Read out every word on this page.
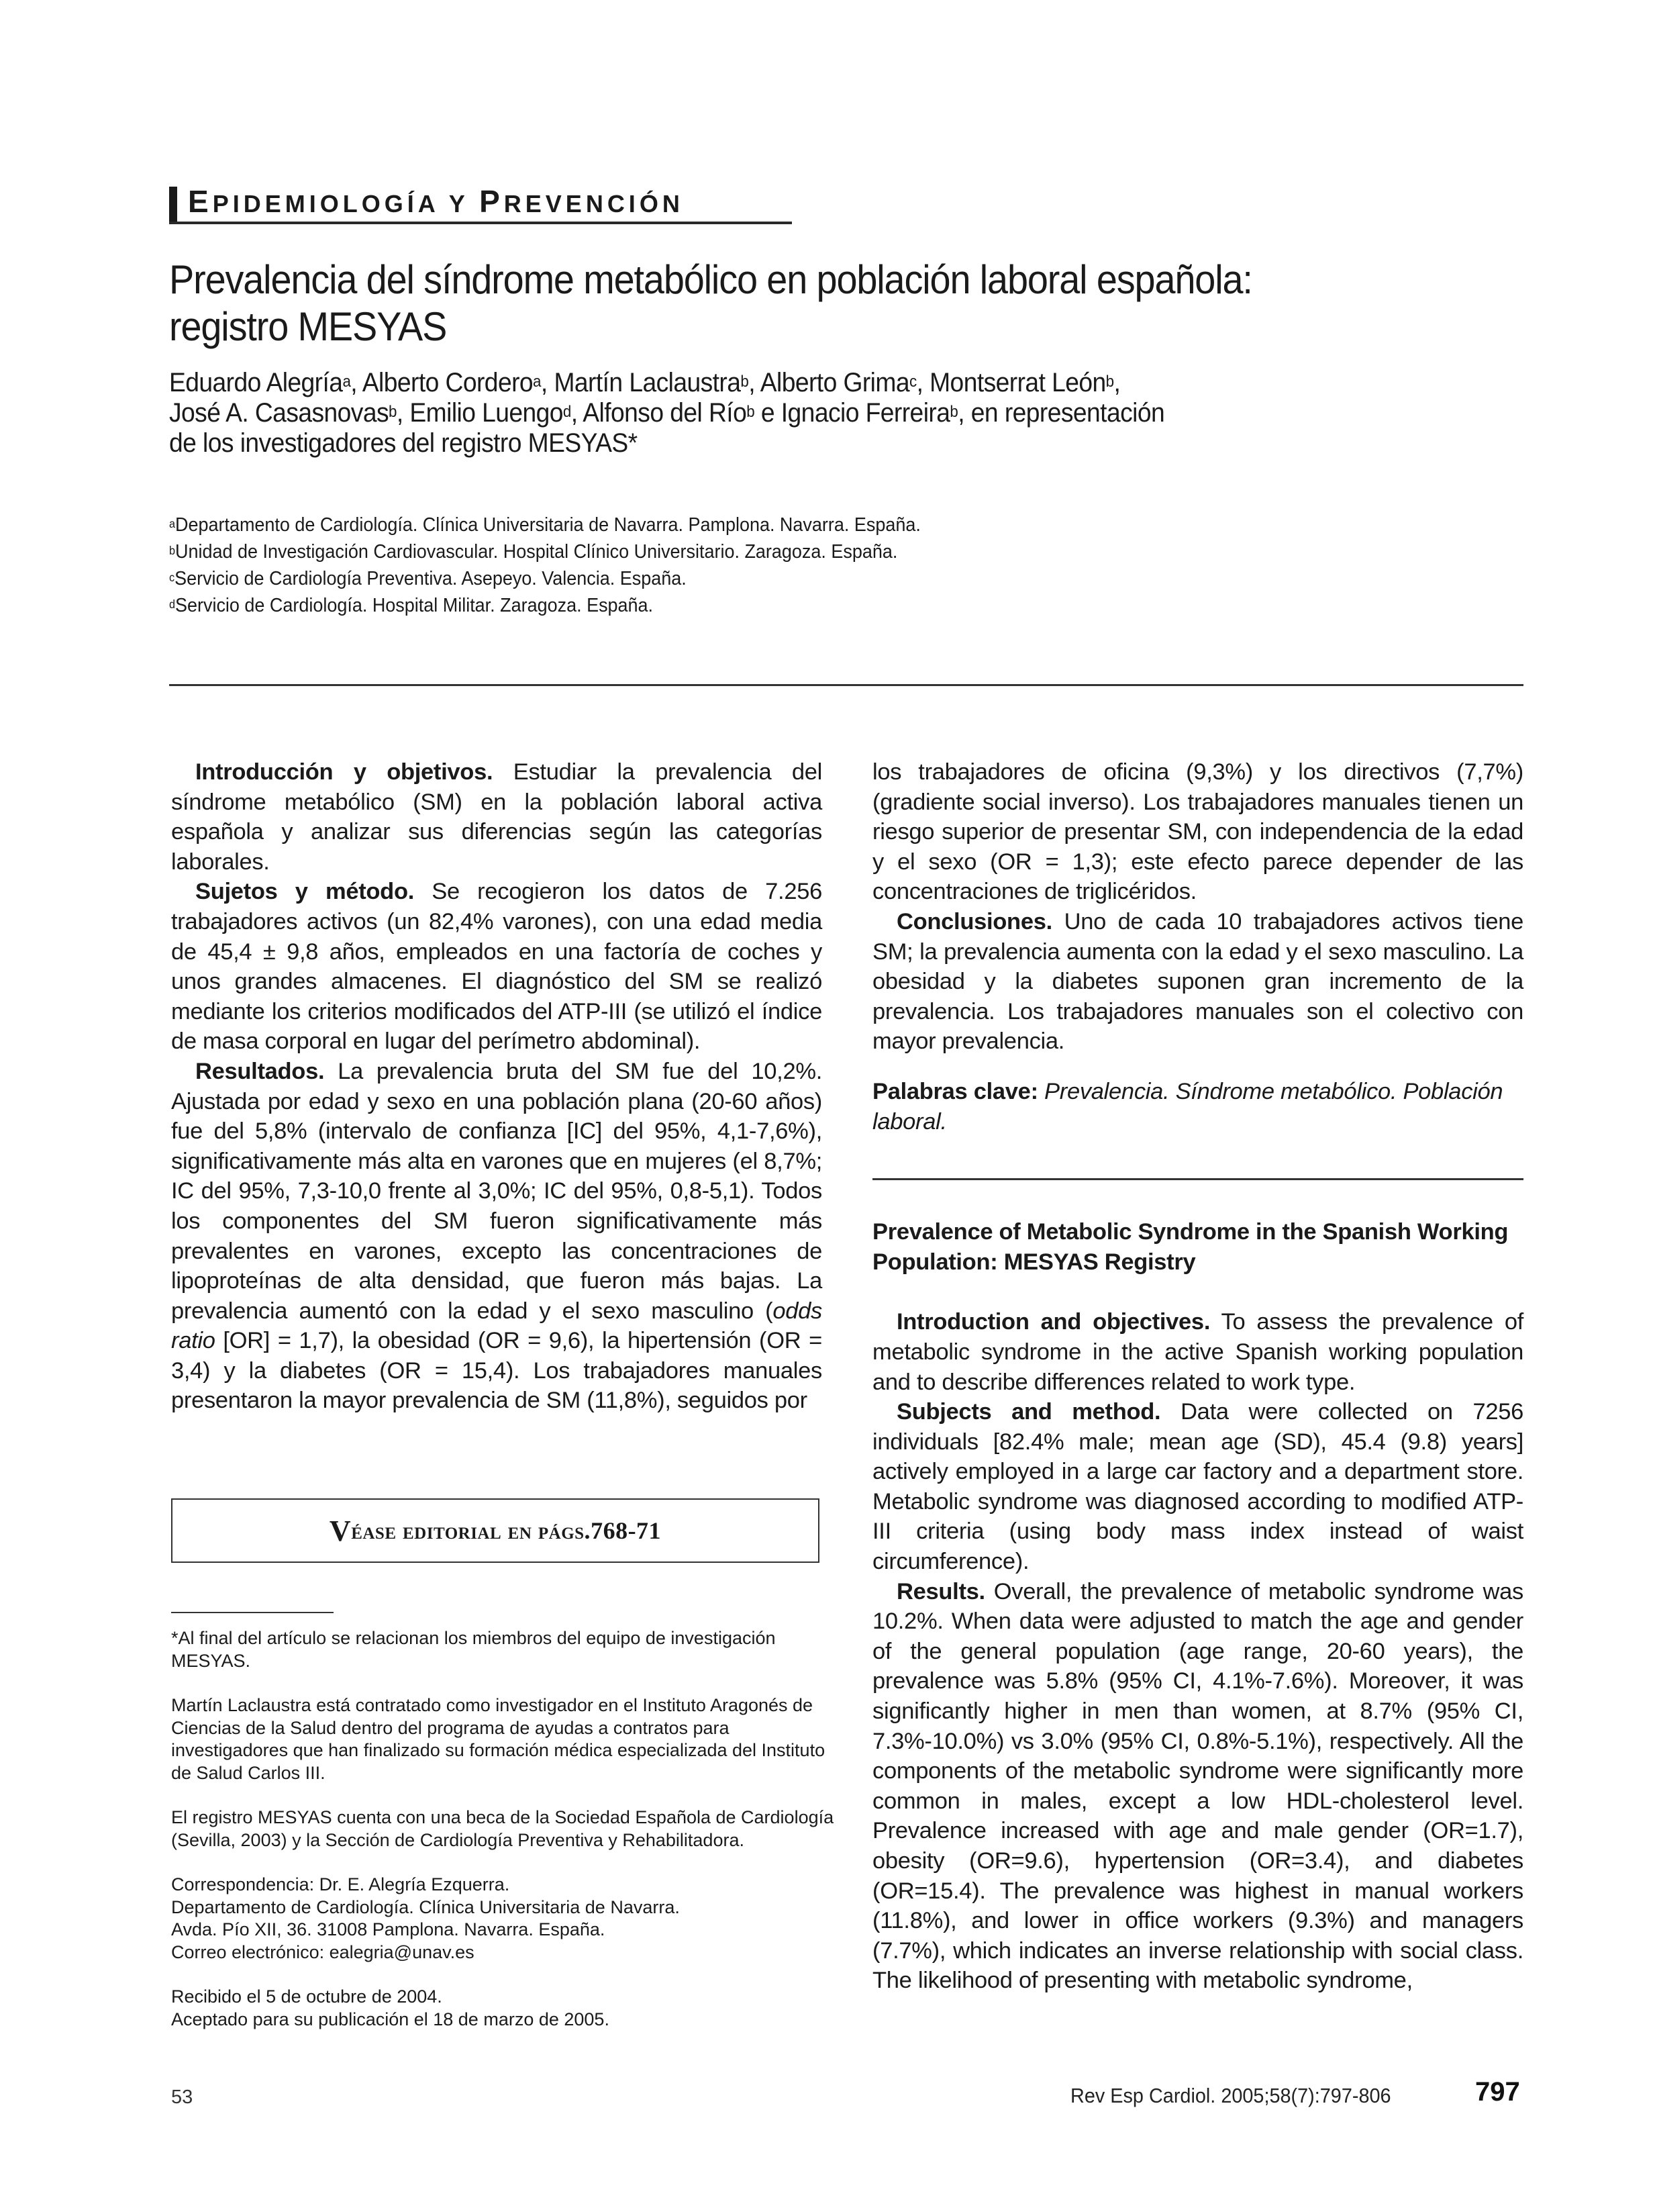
EPIDEMIOLOGÍA Y PREVENCIÓN
Prevalencia del síndrome metabólico en población laboral española: registro MESYAS
Eduardo Alegría$^a$, Alberto Cordero$^a$, Martín Laclaustra$^b$, Alberto Grima$^c$, Montserrat León$^b$,
José A. Casasnovas$^b$, Emilio Luengo$^d$, Alfonso del Río$^b$ e Ignacio Ferreira$^b$, en representación
de los investigadores del registro MESYAS*
$^a$Departamento de Cardiología. Clínica Universitaria de Navarra. Pamplona. Navarra. España.
$^b$Unidad de Investigación Cardiovascular. Hospital Clínico Universitario. Zaragoza. España.
$^c$Servicio de Cardiología Preventiva. Asepeyo. Valencia. España.
$^d$Servicio de Cardiología. Hospital Militar. Zaragoza. España.

Introducción y objetivos. Estudiar la prevalencia del síndrome metabólico (SM) en la población laboral activa española y analizar sus diferencias según las categorías laborales.

Sujetos y método. Se recogieron los datos de 7.256 trabajadores activos (un 82,4% varones), con una edad media de 45,4 ± 9,8 años, empleados en una factoría de coches y unos grandes almacenes. El diagnóstico del SM se realizó mediante los criterios modificados del ATP-III (se utilizó el índice de masa corporal en lugar del perímetro abdominal).

Resultados. La prevalencia bruta del SM fue del 10,2%. Ajustada por edad y sexo en una población plana (20-60 años) fue del 5,8% (intervalo de confianza [IC] del 95%, 4,1-7,6%), significativamente más alta en varones que en mujeres (el 8,7%; IC del 95%, 7,3-10,0 frente al 3,0%; IC del 95%, 0,8-5,1). Todos los componentes del SM fueron significativamente más prevalentes en varones, excepto las concentraciones de lipoproteínas de alta densidad, que fueron más bajas. La prevalencia aumentó con la edad y el sexo masculino (odds ratio [OR] = 1,7), la obesidad (OR = 9,6), la hipertensión (OR = 3,4) y la diabetes (OR = 15,4). Los trabajadores manuales presentaron la mayor prevalencia de SM (11,8%), seguidos por

V éase editorial en págs. 768-71
*Al final del artículo se relacionan los miembros del equipo de investigación MESYAS.
Martín Laclaustra está contratado como investigador en el Instituto Aragonés de Ciencias de la Salud dentro del programa de ayudas a contratos para investigadores que han finalizado su formación médica especializada del Instituto de Salud Carlos III.
El registro MESYAS cuenta con una beca de la Sociedad Española de Cardiología (Sevilla, 2003) y la Sección de Cardiología Preventiva y Rehabilitadora.
Correspondencia: Dr. E. Alegría Ezquerra.
Departamento de Cardiología. Clínica Universitaria de Navarra.
Avda. Pío XII, 36. 31008 Pamplona. Navarra. España.
Correo electrónico: ealegria@unav.es
Recibido el 5 de octubre de 2004.
Aceptado para su publicación el 18 de marzo de 2005.

los trabajadores de oficina (9,3%) y los directivos (7,7%) (gradiente social inverso). Los trabajadores manuales tienen un riesgo superior de presentar SM, con independencia de la edad y el sexo (OR = 1,3); este efecto parece depender de las concentraciones de triglicéridos.

Conclusiones. Uno de cada 10 trabajadores activos tiene SM; la prevalencia aumenta con la edad y el sexo masculino. La obesidad y la diabetes suponen gran incremento de la prevalencia. Los trabajadores manuales son el colectivo con mayor prevalencia.

Palabras clave: Prevalencia. Síndrome metabólico. Población laboral.

Prevalence of Metabolic Syndrome in the Spanish Working Population: MESYAS Registry

Introduction and objectives. To assess the prevalence of metabolic syndrome in the active Spanish working population and to describe differences related to work type.

Subjects and method. Data were collected on 7256 individuals [82.4% male; mean age (SD), 45.4 (9.8) years] actively employed in a large car factory and a department store. Metabolic syndrome was diagnosed according to modified ATP-III criteria (using body mass index instead of waist circumference).

Results. Overall, the prevalence of metabolic syndrome was 10.2%. When data were adjusted to match the age and gender of the general population (age range, 20-60 years), the prevalence was 5.8% (95% CI, 4.1%-7.6%). Moreover, it was significantly higher in men than women, at 8.7% (95% CI, 7.3%-10.0%) vs 3.0% (95% CI, 0.8%-5.1%), respectively. All the components of the metabolic syndrome were significantly more common in males, except a low HDL-cholesterol level. Prevalence increased with age and male gender (OR=1.7), obesity (OR=9.6), hypertension (OR=3.4), and diabetes (OR=15.4). The prevalence was highest in manual workers (11.8%), and lower in office workers (9.3%) and managers (7.7%), which indicates an inverse relationship with social class. The likelihood of presenting with metabolic syndrome,

53	Rev Esp Cardiol. 2005;58(7):797-806	797
